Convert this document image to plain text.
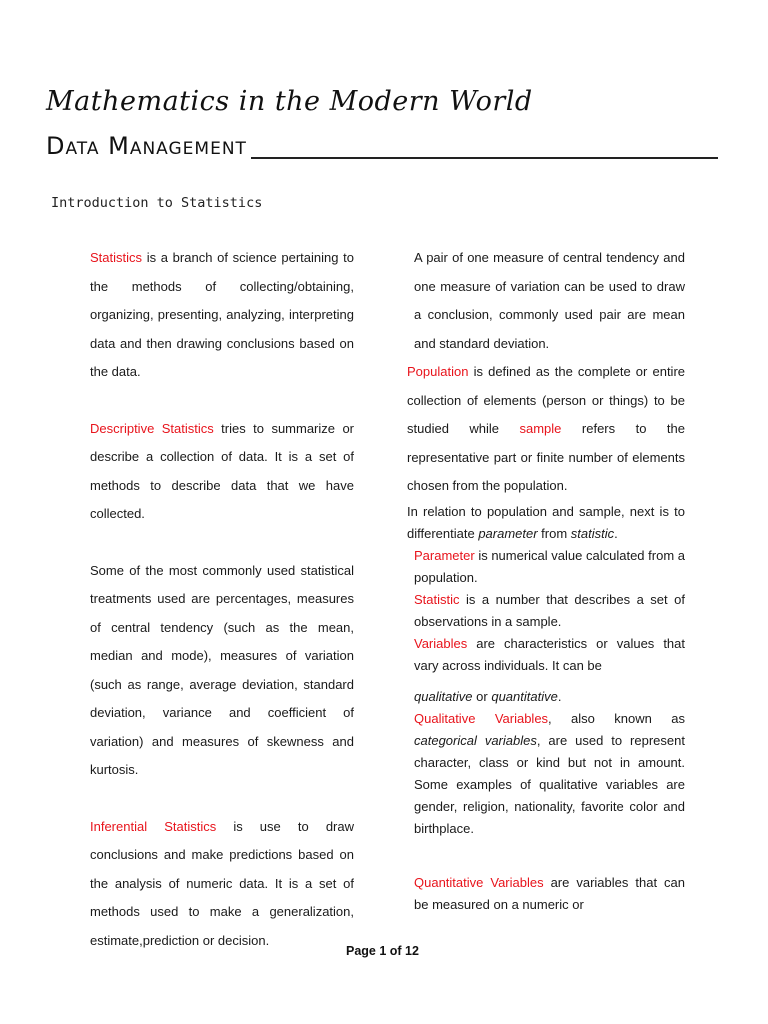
Mathematics in the Modern World
Data Management
Introduction to Statistics

Statistics is a branch of science pertaining to the methods of collecting/obtaining, organizing, presenting, analyzing, interpreting data and then drawing conclusions based on the data.

Descriptive Statistics tries to summarize or describe a collection of data. It is a set of methods to describe data that we have collected.

Some of the most commonly used statistical treatments used are percentages, measures of central tendency (such as the mean, median and mode), measures of variation (such as range, average deviation, standard deviation, variance and coefficient of variation) and measures of skewness and kurtosis.

Inferential Statistics is use to draw conclusions and make predictions based on the analysis of numeric data. It is a set of methods used to make a generalization, estimate,prediction or decision.

A pair of one measure of central tendency and one measure of variation can be used to draw a conclusion, commonly used pair are mean and standard deviation.

Population is defined as the complete or entire collection of elements (person or things) to be studied while sample refers to the representative part or finite number of elements chosen from the population.

In relation to population and sample, next is to differentiate parameter from statistic.

Parameter is numerical value calculated from a population.

Statistic is a number that describes a set of observations in a sample.

Variables are characteristics or values that vary across individuals. It can be

qualitative or quantitative.

Qualitative Variables, also known as categorical variables, are used to represent character, class or kind but not in amount. Some examples of qualitative variables are gender, religion, nationality, favorite color and birthplace.

Quantitative Variables are variables that can be measured on a numeric or

Page 1 of 12
